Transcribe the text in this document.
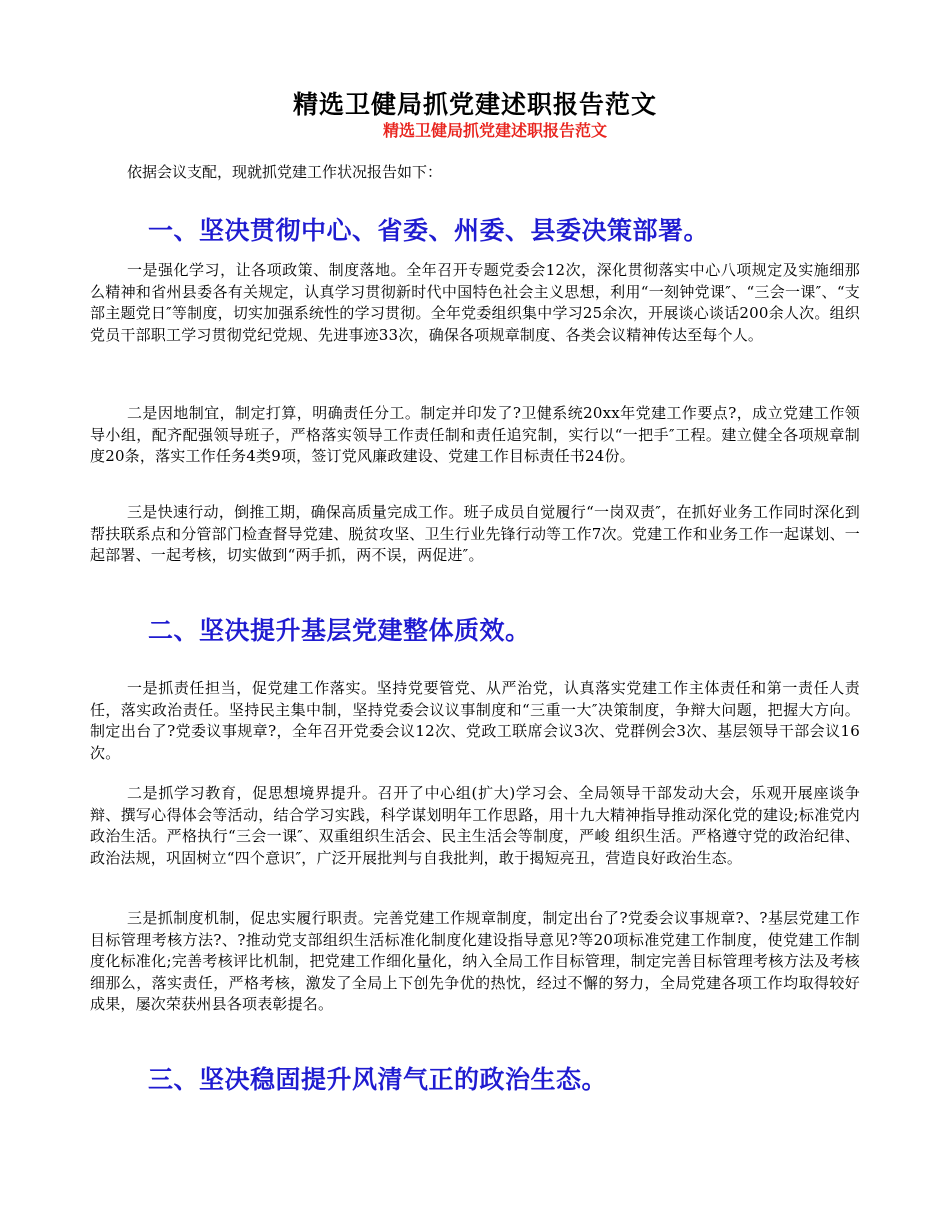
精选卫健局抓党建述职报告范文
精选卫健局抓党建述职报告范文
依据会议支配，现就抓党建工作状况报告如下：
一、坚决贯彻中心、省委、州委、县委决策部署。
一是强化学习，让各项政策、制度落地。全年召开专题党委会12次，深化贯彻落实中心八项规定及实施细那么精神和省州县委各有关规定，认真学习贯彻新时代中国特色社会主义思想，利用“一刻钟党课″、“三会一课″、“支部主题党日″等制度，切实加强系统性的学习贯彻。全年党委组织集中学习25余次，开展谈心谈话200余人次。组织党员干部职工学习贯彻党纪党规、先进事迹33次，确保各项规章制度、各类会议精神传达至每个人。
二是因地制宜，制定打算，明确责任分工。制定并印发了?卫健系统20xx年党建工作要点?，成立党建工作领导小组，配齐配强领导班子，严格落实领导工作责任制和责任追究制，实行以“一把手″工程。建立健全各项规章制度20条，落实工作任务4类9项，签订党风廉政建设、党建工作目标责任书24份。
三是快速行动，倒推工期，确保高质量完成工作。班子成员自觉履行“一岗双责″，在抓好业务工作同时深化到帮扶联系点和分管部门检查督导党建、脱贫攻坚、卫生行业先锋行动等工作7次。党建工作和业务工作一起谋划、一起部署、一起考核，切实做到“两手抓，两不误，两促进″。
二、坚决提升基层党建整体质效。
一是抓责任担当，促党建工作落实。坚持党要管党、从严治党，认真落实党建工作主体责任和第一责任人责任，落实政治责任。坚持民主集中制，坚持党委会议议事制度和“三重一大″决策制度，争辩大问题，把握大方向。制定出台了?党委议事规章?，全年召开党委会议12次、党政工联席会议3次、党群例会3次、基层领导干部会议16次。
二是抓学习教育，促思想境界提升。召开了中心组(扩大)学习会、全局领导干部发动大会，乐观开展座谈争辩、撰写心得体会等活动，结合学习实践，科学谋划明年工作思路，用十九大精神指导推动深化党的建设;标准党内政治生活。严格执行“三会一课″、双重组织生活会、民主生活会等制度，严峻 组织生活。严格遵守党的政治纪律、政治法规，巩固树立“四个意识″，广泛开展批判与自我批判，敢于揭短亮丑，营造良好政治生态。
三是抓制度机制，促忠实履行职责。完善党建工作规章制度，制定出台了?党委会议事规章?、?基层党建工作目标管理考核方法?、?推动党支部组织生活标准化制度化建设指导意见?等20项标准党建工作制度，使党建工作制度化标准化;完善考核评比机制，把党建工作细化量化，纳入全局工作目标管理，制定完善目标管理考核方法及考核细那么，落实责任，严格考核，激发了全局上下创先争优的热忱，经过不懈的努力，全局党建各项工作均取得较好成果，屡次荣获州县各项表彰提名。
三、坚决稳固提升风清气正的政治生态。
